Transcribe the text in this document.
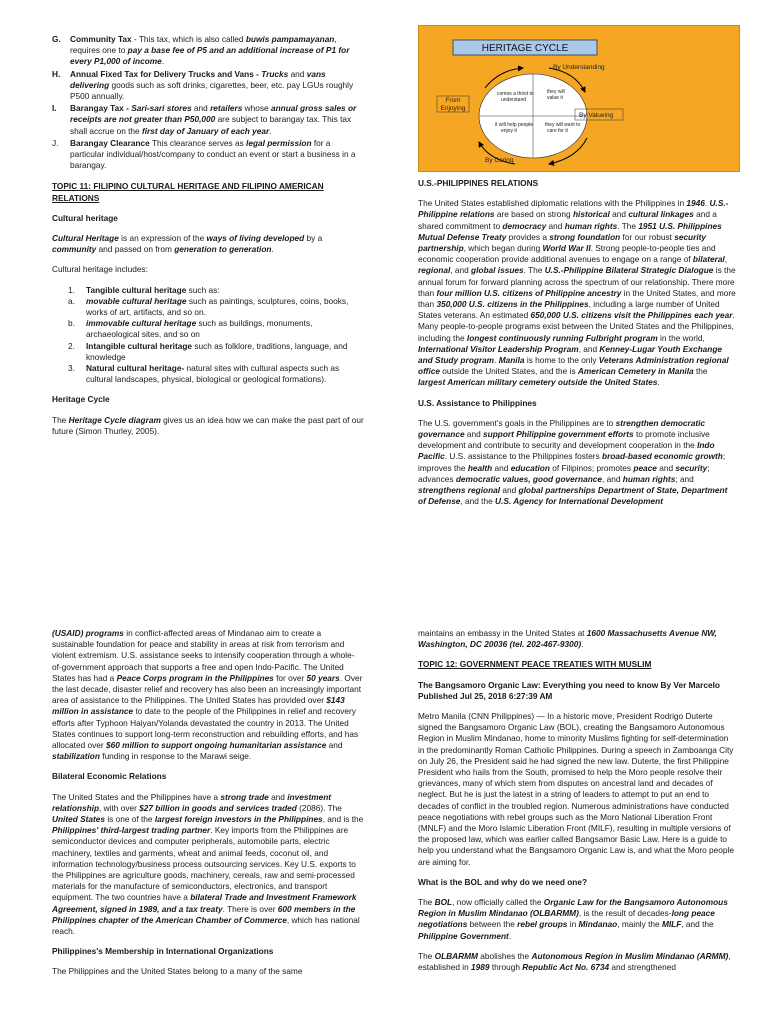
G.	Community Tax - This tax, which is also called buwis pampamayanan, requires one to pay a base fee of P5 and an additional increase of P1 for every P1,000 of income.
H.	Annual Fixed Tax for Delivery Trucks and Vans - Trucks and vans delivering goods such as soft drinks, cigarettes, beer, etc. pay LGUs roughly P500 annually.
I.	Barangay Tax - Sari-sari stores and retailers whose annual gross sales or receipts are not greater than P50,000 are subject to barangay tax. This tax shall accrue on the first day of January of each year.
J.	Barangay Clearance This clearance serves as legal permission for a particular individual/host/company to conduct an event or start a business in a barangay.

TOPIC 11: FILIPINO CULTURAL HERITAGE AND FILIPINO AMERICAN RELATIONS

Cultural heritage

Cultural Heritage is an expression of the ways of living developed by a community and passed on from generation to generation.

Cultural heritage includes:

1.	Tangible cultural heritage such as:
a.	movable cultural heritage such as paintings, sculptures, coins, books, works of art, artifacts, and so on.
b.	immovable cultural heritage such as buildings, monuments, archaeological sites, and so on
2.	Intangible cultural heritage such as folklore, traditions, language, and knowledge
3.	Natural cultural heritage- natural sites with cultural aspects such as cultural landscapes, physical, biological or geological formations).

Heritage Cycle

The Heritage Cycle diagram gives us an idea how we can make the past part of our future (Simon Thurley, 2005).

HERITAGE CYCLE
comes a thirst to
understand
they will
value it
it will help people
enjoy it
they will want to
care for it
By Understanding
By Valueing
By Caring
From
Enjoying

U.S.-PHILIPPINES RELATIONS

The United States established diplomatic relations with the Philippines in 1946. U.S.-Philippine relations are based on strong historical and cultural linkages and a shared commitment to democracy and human rights. The 1951 U.S. Philippines Mutual Defense Treaty provides a strong foundation for our robust security partnership, which began during World War II. Strong people-to-people ties and economic cooperation provide additional avenues to engage on a range of bilateral, regional, and global issues. The U.S.-Philippine Bilateral Strategic Dialogue is the annual forum for forward planning across the spectrum of our relationship. There more than four million U.S. citizens of Philippine ancestry in the United States, and more than 350,000 U.S. citizens in the Philippines, including a large number of United States veterans. An estimated 650,000 U.S. citizens visit the Philippines each year. Many people-to-people programs exist between the United States and the Philippines, including the longest continuously running Fulbright program in the world, International Visitor Leadership Program, and Kenney-Lugar Youth Exchange and Study program. Manila is home to the only Veterans Administration regional office outside the United States, and the is American Cemetery in Manila the largest American military cemetery outside the United States.

U.S. Assistance to Philippines

The U.S. government's goals in the Philippines are to strengthen democratic governance and support Philippine government efforts to promote inclusive development and contribute to security and development cooperation in the Indo Pacific. U.S. assistance to the Philippines fosters broad-based economic growth; improves the health and education of Filipinos; promotes peace and security; advances democratic values, good governance, and human rights; and strengthens regional and global partnerships Department of State, Department of Defense, and the U.S. Agency for International Development

(USAID) programs in conflict-affected areas of Mindanao aim to create a sustainable foundation for peace and stability in areas at risk from terrorism and violent extremism. U.S. assistance seeks to intensify cooperation through a whole-of-government approach that supports a free and open Indo-Pacific. The United States has had a Peace Corps program in the Philippines for over 50 years. Over the last decade, disaster relief and recovery has also been an increasingly important area of assistance to the Philippines. The United States has provided over $143 million in assistance to date to the people of the Philippines in relief and recovery efforts after Typhoon Haiyan/Yolanda devastated the country in 2013. The United States continues to support long-term reconstruction and rebuilding efforts, and has allocated over $60 million to support ongoing humanitarian assistance and stabilization funding in response to the Marawi seige.

Bilateral Economic Relations

The United States and the Philippines have a strong trade and investment relationship, with over $27 billion in goods and services traded (2086). The United States is one of the largest foreign investors in the Philippines, and is the Philippines' third-largest trading partner. Key imports from the Philippines are semiconductor devices and computer peripherals, automobile parts, electric machinery, textiles and garments, wheat and animal feeds, coconut oil, and information technology/business process outsourcing services. Key U.S. exports to the Philippines are agriculture goods, machinery, cereals, raw and semi-processed materials for the manufacture of semiconductors, electronics, and transport equipment. The two countries have a bilateral Trade and Investment Framework Agreement, signed in 1989, and a tax treaty. There is over 600 members in the Philippines chapter of the American Chamber of Commerce, which has national reach.

Philippines's Membership in International Organizations

The Philippines and the United States belong to a many of the same

maintains an embassy in the United States at 1600 Massachusetts Avenue NW, Washington, DC 20036 (tel. 202-467-9300).

TOPIC 12: GOVERNMENT PEACE TREATIES WITH MUSLIM

The Bangsamoro Organic Law: Everything you need to know By Ver Marcelo
Published Jul 25, 2018 6:27:39 AM

Metro Manila (CNN Philippines) — In a historic move, President Rodrigo Duterte signed the Bangsamoro Organic Law (BOL), creating the Bangsamoro Autonomous Region in Muslim Mindanao, home to minority Muslims fighting for self-determination in the predominantly Roman Catholic Philippines. During a speech in Zamboanga City on July 26, the President said he had signed the new law. Duterte, the first Philippine President who hails from the South, promised to help the Moro people resolve their grievances, many of which stem from disputes on ancestral land and decades of neglect. But he is just the latest in a string of leaders to attempt to put an end to decades of conflict in the troubled region. Numerous administrations have conducted peace negotiations with rebel groups such as the Moro National Liberation Front (MNLF) and the Moro Islamic Liberation Front (MILF), resulting in multiple versions of the proposed law, which was earlier called Bangsamor Basic Law. Here is a guide to help you understand what the Bangsamoro Organic Law is, and what the Moro people are aiming for.

What is the BOL and why do we need one?

The BOL, now officially called the Organic Law for the Bangsamoro Autonomous Region in Muslim Mindanao (OLBARMM), is the result of decades-long peace negotiations between the rebel groups in Mindanao, mainly the MILF, and the Philippine Government.

The OLBARMM abolishes the Autonomous Region in Muslim Mindanao (ARMM), established in 1989 through Republic Act No. 6734 and strengthened
